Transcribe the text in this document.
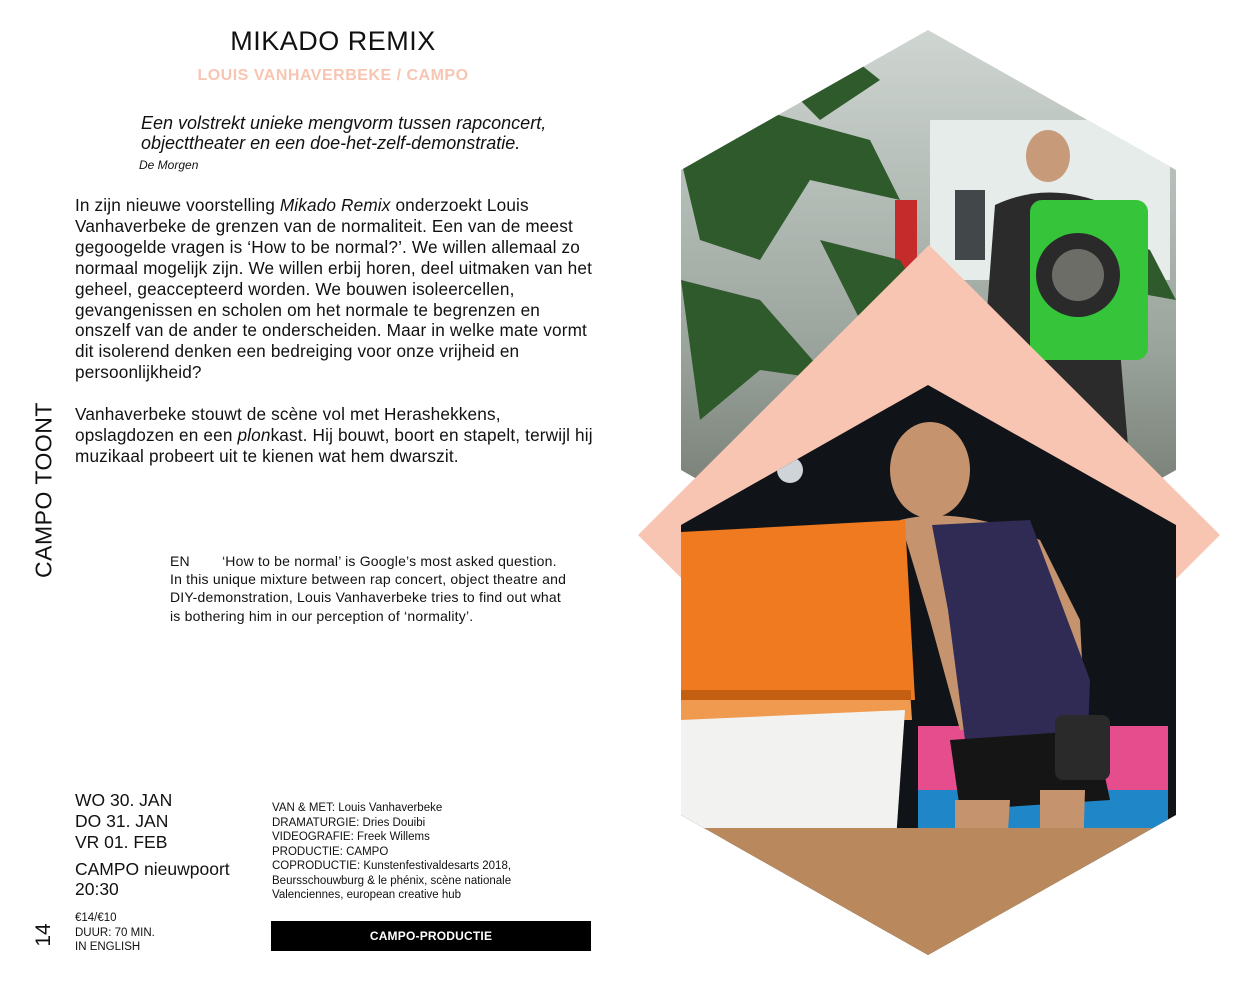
MIKADO REMIX
LOUIS VANHAVERBEKE / CAMPO
Een volstrekt unieke mengvorm tussen rapconcert,
objecttheater en een doe-het-zelf-demonstratie.
De Morgen

In zijn nieuwe voorstelling Mikado Remix onderzoekt Louis Vanhaverbeke de grenzen van de normaliteit. Een van de meest gegoogelde vragen is ‘How to be normal?’. We willen allemaal zo normaal mogelijk zijn. We willen erbij horen, deel uitmaken van het geheel, geaccepteerd worden. We bouwen isoleercellen, gevangenissen en scholen om het normale te begrenzen en onszelf van de ander te onderscheiden. Maar in welke mate vormt dit isolerend denken een bedreiging voor onze vrijheid en persoonlijkheid?

Vanhaverbeke stouwt de scène vol met Herashekkens, opslagdozen en een plonkast. Hij bouwt, boort en stapelt, terwijl hij muzikaal probeert uit te kienen wat hem dwarszit.

CAMPO TOONT
14
EN ‘How to be normal’ is Google’s most asked question. In this unique mixture between rap concert, object theatre and DIY-demonstration, Louis Vanhaverbeke tries to find out what is bothering him in our perception of ‘normality’.
WO 30. JAN
DO 31. JAN
VR 01. FEB
CAMPO nieuwpoort
20:30
€14/€10
DUUR: 70 MIN.
IN ENGLISH
VAN & MET: Louis Vanhaverbeke
DRAMATURGIE: Dries Douibi
VIDEOGRAFIE: Freek Willems
PRODUCTIE: CAMPO
COPRODUCTIE: Kunstenfestivaldesarts 2018,
Beursschouwburg & le phénix, scène nationale
Valenciennes, european creative hub
CAMPO-PRODUCTIE
